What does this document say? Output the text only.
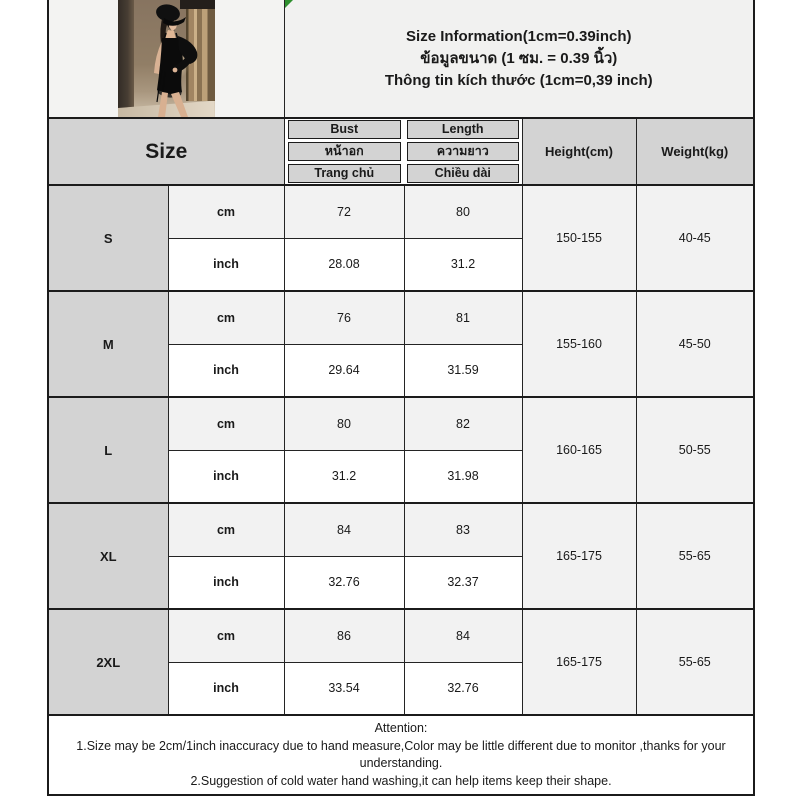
Size Information(1cm=0.39inch)
ข้อมูลขนาด (1 ซม. = 0.39 นิ้ว)
Thông tin kích thước (1cm=0,39 inch)			

Size		Bust	Length	Height(cm)	Weight(kg)

		หน้าอก	ความยาว		

		Trang chủ	Chiều dài		

S	cm	72	80	150-155	40-45
	inch	28.08	31.2		
M	cm	76	81	155-160	45-50
	inch	29.64	31.59		
L	cm	80	82	160-165	50-55
	inch	31.2	31.98		
XL	cm	84	83	165-175	55-65
	inch	32.76	32.37		
2XL	cm	86	84	165-175	55-65
	inch	33.54	32.76		

Attention:
1.Size may be 2cm/1inch inaccuracy due to hand measure,Color may be little different due to monitor ,thanks for your understanding.
2.Suggestion of cold water hand washing,it can help items keep their shape.					
